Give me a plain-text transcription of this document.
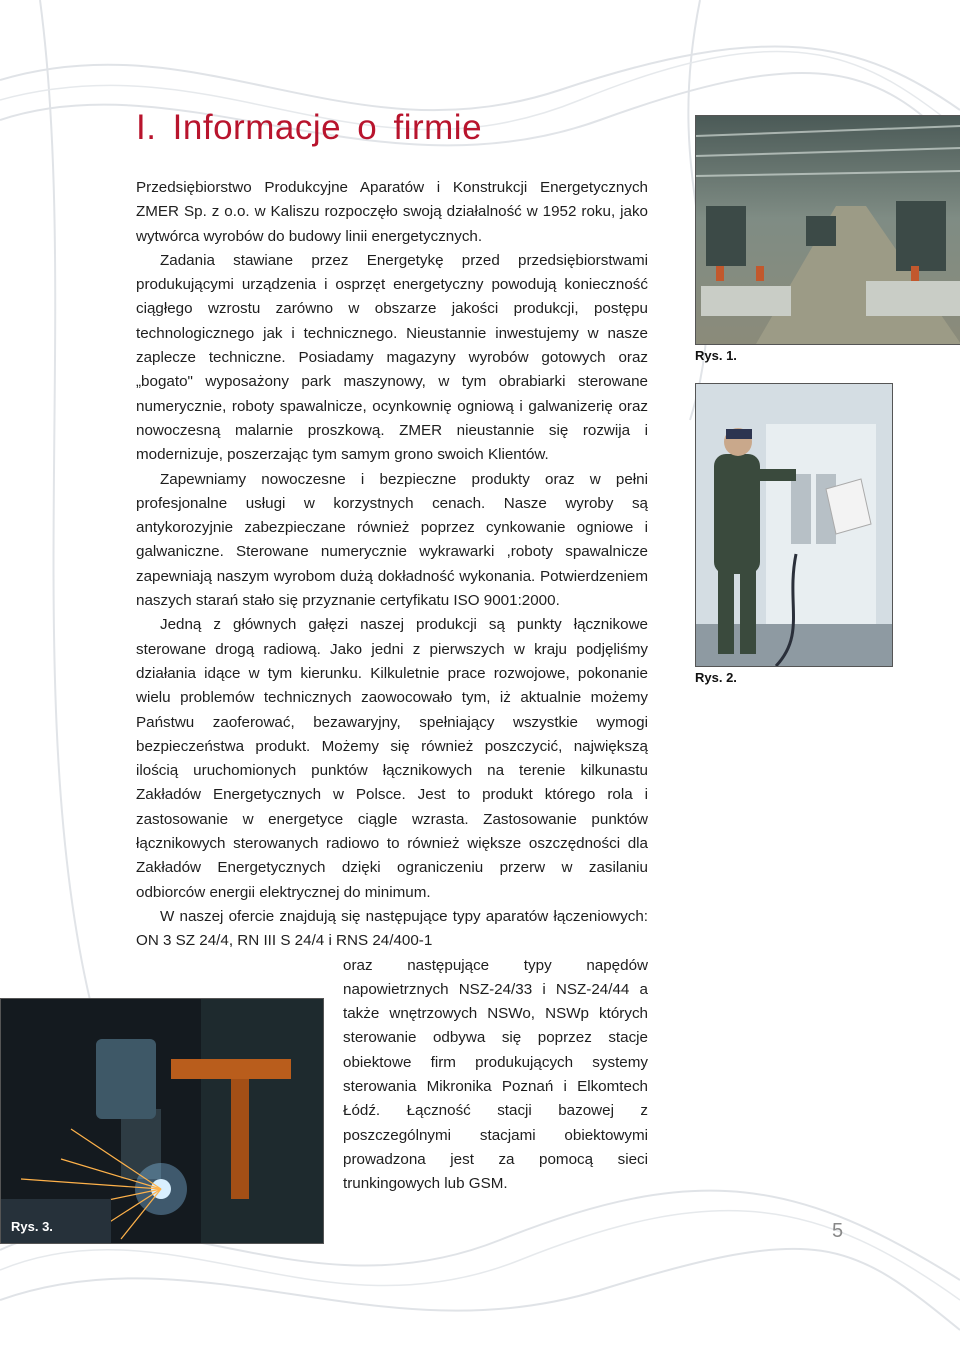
I. Informacje o firmie

Przedsiębiorstwo Produkcyjne Aparatów i Konstrukcji Energetycznych ZMER Sp. z o.o. w Kaliszu rozpoczęło swoją działalność w 1952 roku, jako wytwórca wyrobów do budowy linii energetycznych.

Zadania stawiane przez Energetykę przed przedsiębiorstwami produkującymi urządzenia i osprzęt energetyczny powodują konieczność ciągłego wzrostu zarówno w obszarze jakości produkcji, postępu technologicznego jak i technicznego. Nieustannie inwestujemy w nasze zaplecze techniczne. Posiadamy magazyny wyrobów gotowych oraz „bogato" wyposażony park maszynowy, w tym obrabiarki sterowane numerycznie, roboty spawalnicze, ocynkownię ogniową i galwanizerię oraz nowoczesną malarnie proszkową. ZMER nieustannie się rozwija i modernizuje, poszerzając tym samym grono swoich Klientów.

Zapewniamy nowoczesne i bezpieczne produkty oraz w pełni profesjonalne usługi w korzystnych cenach. Nasze wyroby są antykorozyjnie zabezpieczane również poprzez cynkowanie ogniowe i galwaniczne. Sterowane numerycznie wykrawarki ,roboty spawalnicze zapewniają naszym wyrobom dużą dokładność wykonania. Potwierdzeniem naszych starań stało się przyznanie certyfikatu ISO 9001:2000.

Jedną z głównych gałęzi naszej produkcji są punkty łącznikowe sterowane drogą radiową. Jako jedni z pierwszych w kraju podjęliśmy działania idące w tym kierunku. Kilkuletnie prace rozwojowe, pokonanie wielu problemów technicznych zaowocowało tym, iż aktualnie możemy Państwu zaoferować, bezawaryjny, spełniający wszystkie wymogi bezpieczeństwa produkt. Możemy się również poszczycić, największą ilością uruchomionych punktów łącznikowych na terenie kilkunastu Zakładów Energetycznych w Polsce. Jest to produkt którego rola i zastosowanie w energetyce ciągle wzrasta. Zastosowanie punktów łącznikowych sterowanych radiowo to również większe oszczędności dla Zakładów Energetycznych dzięki ograniczeniu przerw w zasilaniu odbiorców energii elektrycznej do minimum.

W naszej ofercie znajdują się następujące typy aparatów łączeniowych: ON 3 SZ 24/4, RN III S 24/4 i RNS 24/400-1

oraz następujące typy napędów napowietrznych NSZ-24/33 i NSZ-24/44 a także wnętrzowych NSWo, NSWp których sterowanie odbywa się poprzez stacje obiektowe firm produkujących systemy sterowania Mikronika Poznań i Elkomtech Łódź. Łączność stacji bazowej z poszczególnymi stacjami obiektowymi prowadzona jest za pomocą sieci trunkingowych lub GSM.

Rys. 1.
Rys. 2.
Rys. 3.	5
